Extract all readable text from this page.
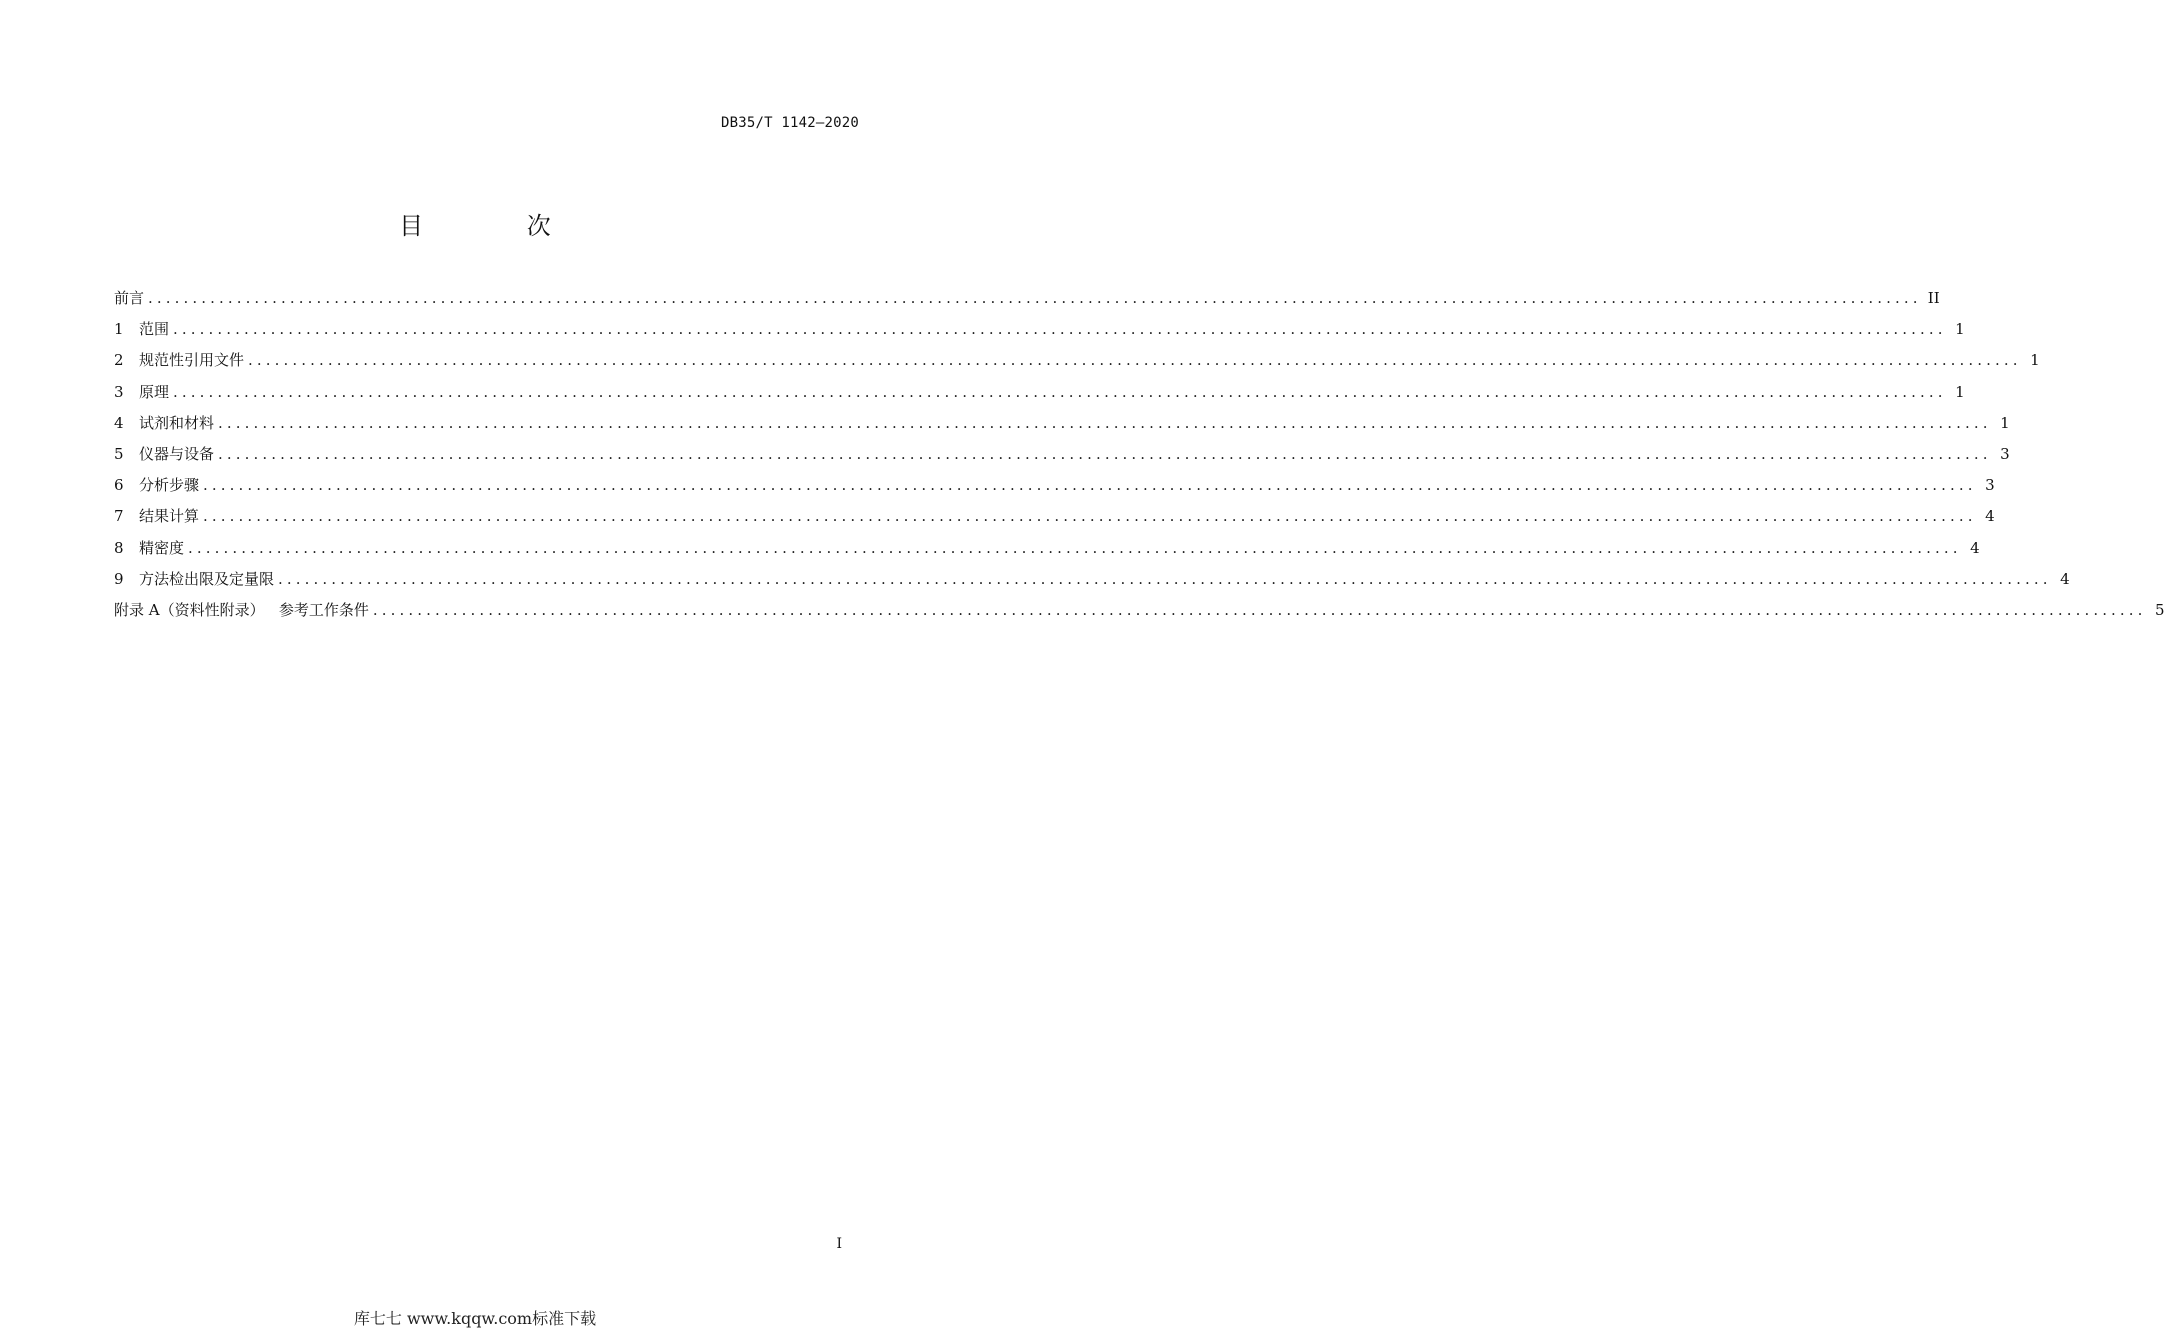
DB35/T 1142—2020
目 次
前言 ........................................................................................................................................................................................................ II
1	范围 ........................................................................................................................................................................................................ 1
2	规范性引用文件 ........................................................................................................................................................................................................ 1
3	原理 ........................................................................................................................................................................................................ 1
4	试剂和材料 ........................................................................................................................................................................................................ 1
5	仪器与设备 ........................................................................................................................................................................................................ 3
6	分析步骤 ........................................................................................................................................................................................................ 3
7	结果计算 ........................................................................................................................................................................................................ 4
8	精密度 ........................................................................................................................................................................................................ 4
9	方法检出限及定量限 ........................................................................................................................................................................................................ 4
附录 A（资料性附录）   参考工作条件 ........................................................................................................................................................................................................ 5
I
库七七 www.kqqw.com标准下载
